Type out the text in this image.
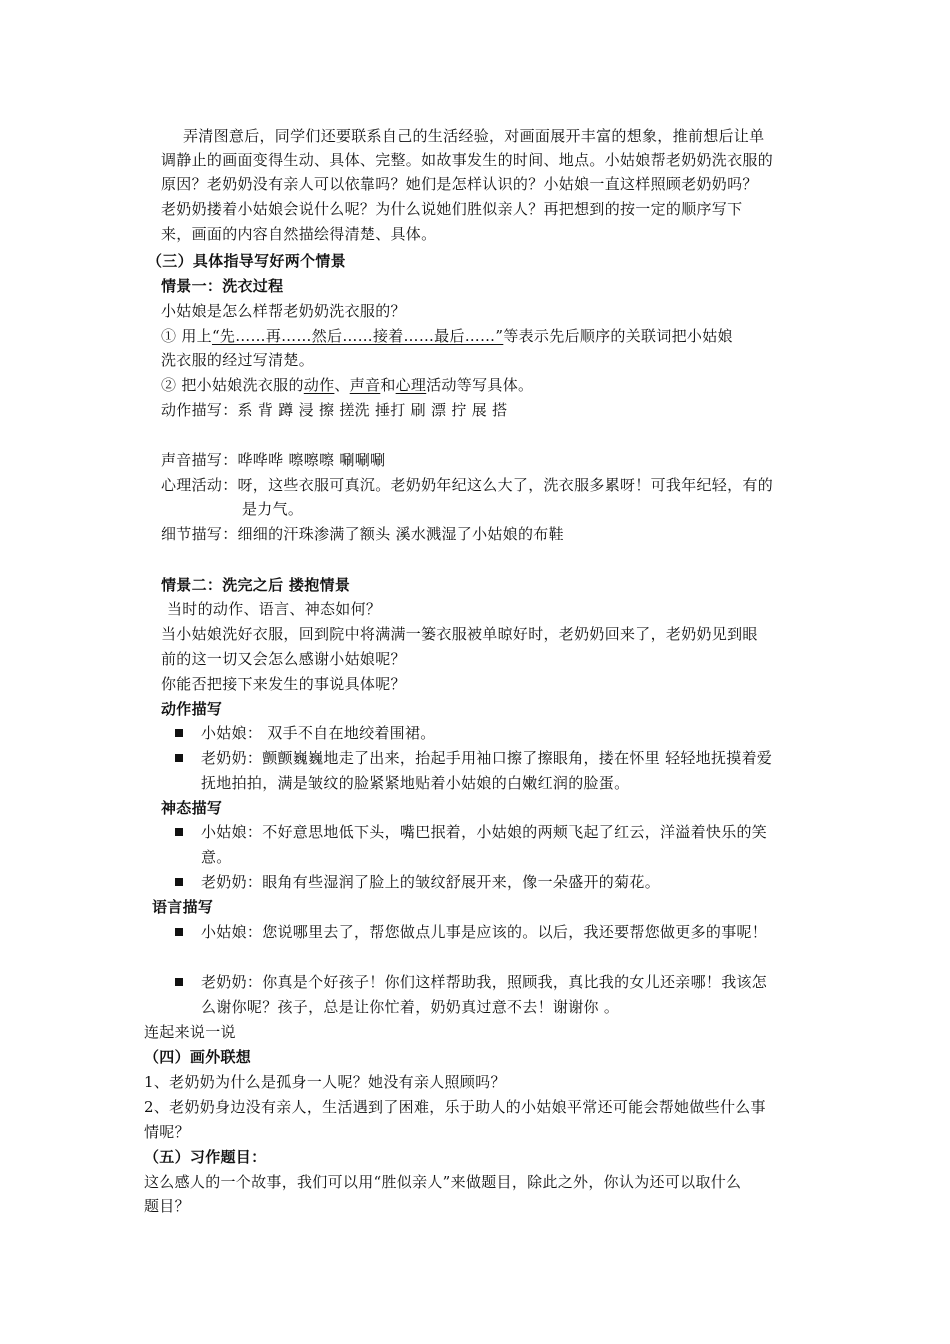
弄清图意后，同学们还要联系自己的生活经验，对画面展开丰富的想象，推前想后让单
调静止的画面变得生动、具体、完整。如故事发生的时间、地点。小姑娘帮老奶奶洗衣服的
原因？老奶奶没有亲人可以依靠吗？她们是怎样认识的？小姑娘一直这样照顾老奶奶吗？
老奶奶搂着小姑娘会说什么呢？为什么说她们胜似亲人？再把想到的按一定的顺序写下
来，画面的内容自然描绘得清楚、具体。
（三）具体指导写好两个情景
情景一：洗衣过程
小姑娘是怎么样帮老奶奶洗衣服的？
① 用上“先……再……然后……接着……最后……”等表示先后顺序的关联词把小姑娘
洗衣服的经过写清楚。
② 把小姑娘洗衣服的动作、声音和心理活动等写具体。
动作描写：系 背 蹲 浸 擦 搓洗 捶打 刷 漂 拧 展 搭
声音描写：哗哗哗 嚓嚓嚓 唰唰唰
心理活动：呀，这些衣服可真沉。老奶奶年纪这么大了，洗衣服多累呀！可我年纪轻，有的
是力气。
细节描写：细细的汗珠渗满了额头 溪水溅湿了小姑娘的布鞋
情景二：洗完之后 搂抱情景
当时的动作、语言、神态如何？
当小姑娘洗好衣服，回到院中将满满一篓衣服被单晾好时，老奶奶回来了，老奶奶见到眼
前的这一切又会怎么感谢小姑娘呢？
你能否把接下来发生的事说具体呢？
动作描写
小姑娘： 双手不自在地绞着围裙。
老奶奶：颤颤巍巍地走了出来，抬起手用袖口擦了擦眼角，搂在怀里 轻轻地抚摸着爱
抚地拍拍，满是皱纹的脸紧紧地贴着小姑娘的白嫩红润的脸蛋。
神态描写
小姑娘：不好意思地低下头，嘴巴抿着，小姑娘的两颊飞起了红云，洋溢着快乐的笑
意。
老奶奶：眼角有些湿润了脸上的皱纹舒展开来，像一朵盛开的菊花。
语言描写
小姑娘：您说哪里去了，帮您做点儿事是应该的。以后，我还要帮您做更多的事呢！
老奶奶：你真是个好孩子！你们这样帮助我，照顾我，真比我的女儿还亲哪！我该怎
么谢你呢？孩子，总是让你忙着，奶奶真过意不去！谢谢你 。
连起来说一说
（四）画外联想
1、老奶奶为什么是孤身一人呢？她没有亲人照顾吗？
2、老奶奶身边没有亲人，生活遇到了困难，乐于助人的小姑娘平常还可能会帮她做些什么事
情呢？
（五）习作题目：
这么感人的一个故事，我们可以用“胜似亲人”来做题目，除此之外，你认为还可以取什么
题目？
